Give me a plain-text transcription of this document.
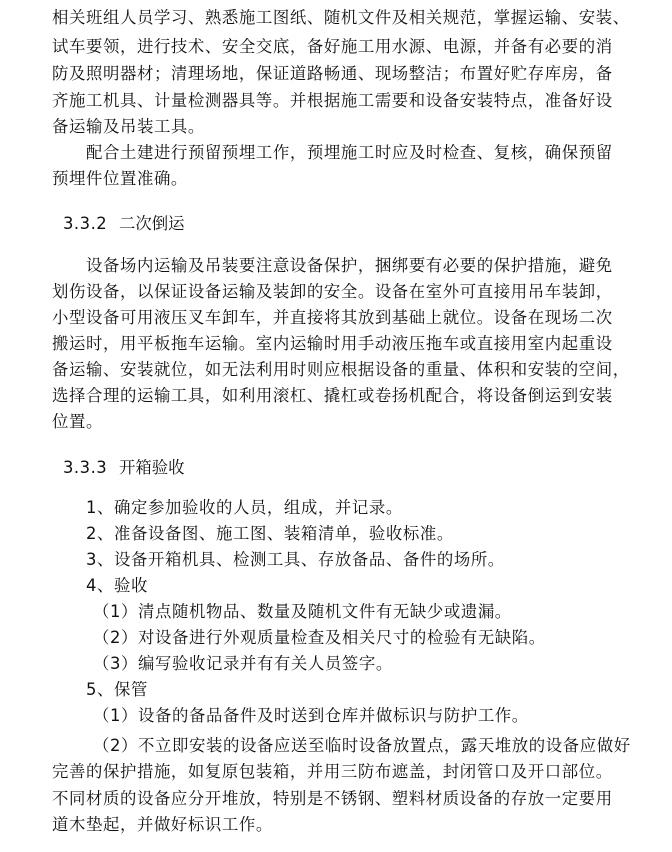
相关班组人员学习、熟悉施工图纸、随机文件及相关规范，掌握运输、安装、
试车要领，进行技术、安全交底，备好施工用水源、电源，并备有必要的消
防及照明器材；清理场地，保证道路畅通、现场整洁；布置好贮存库房，备
齐施工机具、计量检测器具等。并根据施工需要和设备安装特点，准备好设
备运输及吊装工具。
配合土建进行预留预埋工作，预埋施工时应及时检查、复核，确保预留
预埋件位置准确。
3.3.2 二次倒运
设备场内运输及吊装要注意设备保护，捆绑要有必要的保护措施，避免
划伤设备，以保证设备运输及装卸的安全。设备在室外可直接用吊车装卸，
小型设备可用液压叉车卸车，并直接将其放到基础上就位。设备在现场二次
搬运时，用平板拖车运输。室内运输时用手动液压拖车或直接用室内起重设
备运输、安装就位，如无法利用时则应根据设备的重量、体积和安装的空间，
选择合理的运输工具，如利用滚杠、撬杠或卷扬机配合，将设备倒运到安装
位置。
3.3.3 开箱验收
1、确定参加验收的人员，组成，并记录。
2、准备设备图、施工图、装箱清单，验收标准。
3、设备开箱机具、检测工具、存放备品、备件的场所。
4、验收
（1）清点随机物品、数量及随机文件有无缺少或遗漏。
（2）对设备进行外观质量检查及相关尺寸的检验有无缺陷。
（3）编写验收记录并有有关人员签字。
5、保管
（1）设备的备品备件及时送到仓库并做标识与防护工作。
（2）不立即安装的设备应送至临时设备放置点，露天堆放的设备应做好
完善的保护措施，如复原包装箱，并用三防布遮盖，封闭管口及开口部位。
不同材质的设备应分开堆放，特别是不锈钢、塑料材质设备的存放一定要用
道木垫起，并做好标识工作。
